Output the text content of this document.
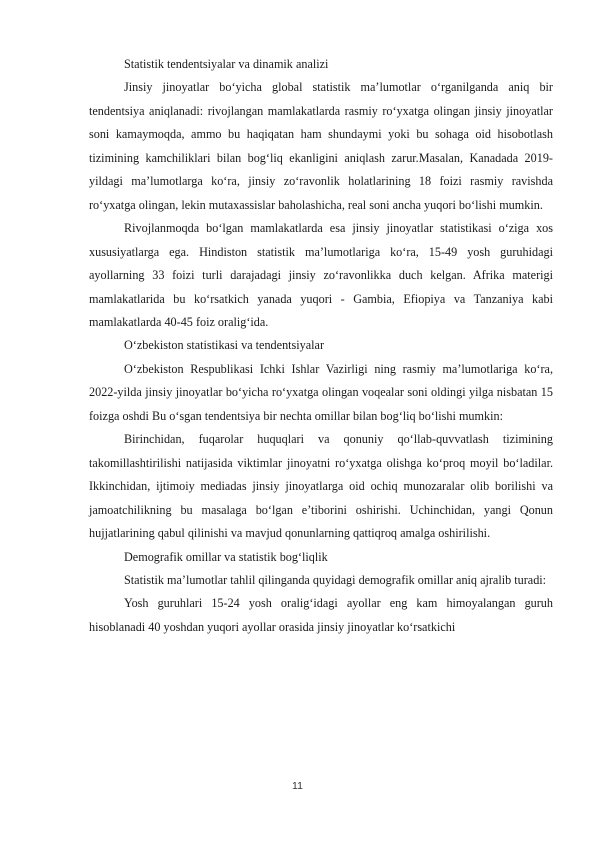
Statistik tendentsiyalar va dinamik analizi

Jinsiy jinoyatlar bo‘yicha global statistik ma’lumotlar o‘rganilganda aniq bir tendentsiya aniqlanadi: rivojlangan mamlakatlarda rasmiy ro‘yxatga olingan jinsiy jinoyatlar soni kamaymoqda, ammo bu haqiqatan ham shundaymi yoki bu sohaga oid hisobotlash tizimining kamchiliklari bilan bog‘liq ekanligini aniqlash zarur.Masalan, Kanadada 2019-yildagi ma’lumotlarga ko‘ra, jinsiy zo‘ravonlik holatlarining 18 foizi rasmiy ravishda ro‘yxatga olingan, lekin mutaxassislar baholashicha, real soni ancha yuqori bo‘lishi mumkin.

Rivojlanmoqda bo‘lgan mamlakatlarda esa jinsiy jinoyatlar statistikasi o‘ziga xos xususiyatlarga ega. Hindiston statistik ma’lumotlariga ko‘ra, 15-49 yosh guruhidagi ayollarning 33 foizi turli darajadagi jinsiy zo‘ravonlikka duch kelgan. Afrika materigi mamlakatlarida bu ko‘rsatkich yanada yuqori - Gambia, Efiopiya va Tanzaniya kabi mamlakatlarda 40-45 foiz oralig‘ida.

O‘zbekiston statistikasi va tendentsiyalar

O‘zbekiston Respublikasi Ichki Ishlar Vazirligi ning rasmiy ma’lumotlariga ko‘ra, 2022-yilda jinsiy jinoyatlar bo‘yicha ro‘yxatga olingan voqealar soni oldingi yilga nisbatan 15 foizga oshdi Bu o‘sgan tendentsiya bir nechta omillar bilan bog‘liq bo‘lishi mumkin:

Birinchidan, fuqarolar huquqlari va qonuniy qo‘llab-quvvatlash tizimining takomillashtirilishi natijasida viktimlar jinoyatni ro‘yxatga olishga ko‘proq moyil bo‘ladilar. Ikkinchidan, ijtimoiy mediadas jinsiy jinoyatlarga oid ochiq munozaralar olib borilishi va jamoatchilikning bu masalaga bo‘lgan e’tiborini oshirishi. Uchinchidan, yangi Qonun hujjatlarining qabul qilinishi va mavjud qonunlarning qattiqroq amalga oshirilishi.

Demografik omillar va statistik bog‘liqlik

Statistik ma’lumotlar tahlil qilinganda quyidagi demografik omillar aniq ajralib turadi:

Yosh guruhlari 15-24 yosh oralig‘idagi ayollar eng kam himoyalangan guruh hisoblanadi 40 yoshdan yuqori ayollar orasida jinsiy jinoyatlar ko‘rsatkichi

11
